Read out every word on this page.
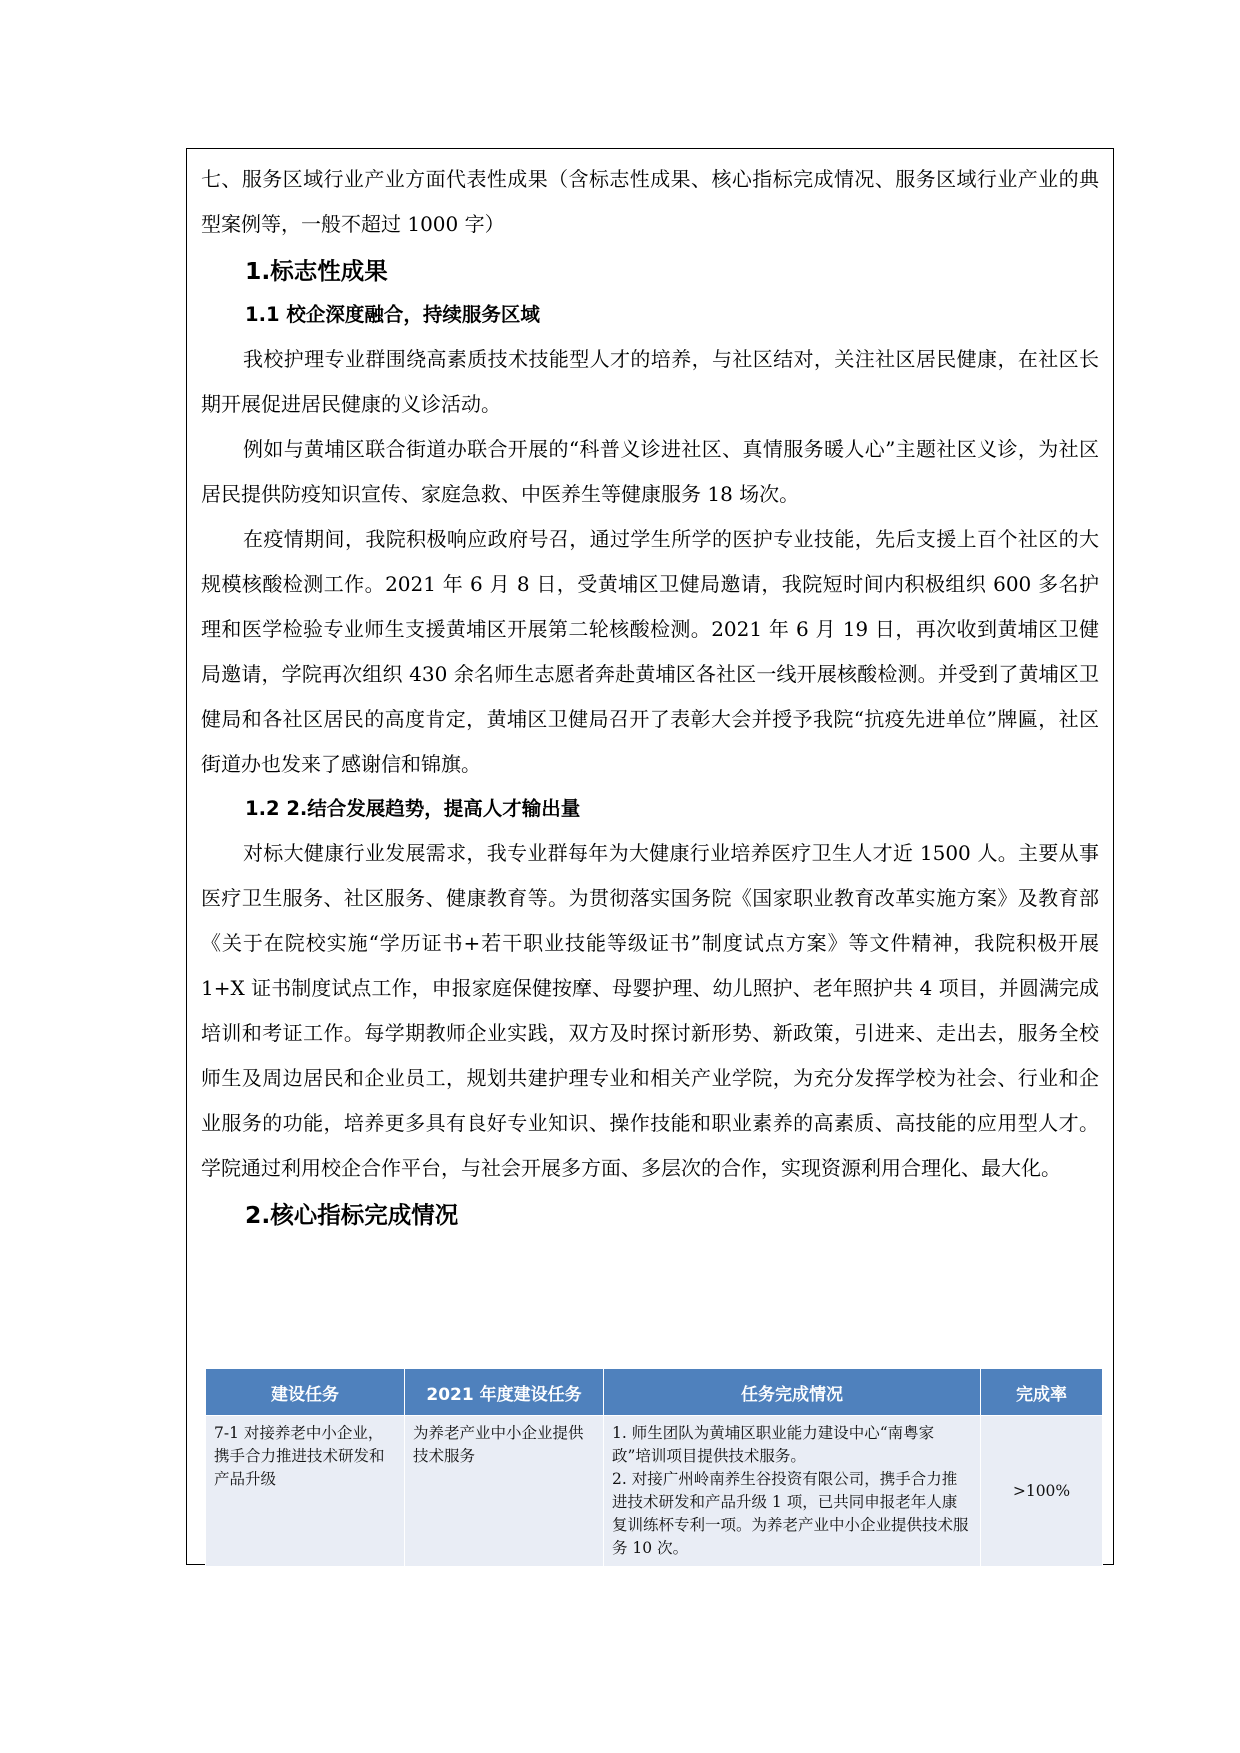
七、服务区域行业产业方面代表性成果（含标志性成果、核心指标完成情况、服务区域行业产业的典型案例等，一般不超过 1000 字）

1.标志性成果
1.1 校企深度融合，持续服务区域

我校护理专业群围绕高素质技术技能型人才的培养，与社区结对，关注社区居民健康，在社区长期开展促进居民健康的义诊活动。

例如与黄埔区联合街道办联合开展的“科普义诊进社区、真情服务暖人心”主题社区义诊，为社区居民提供防疫知识宣传、家庭急救、中医养生等健康服务 18 场次。

在疫情期间，我院积极响应政府号召，通过学生所学的医护专业技能，先后支援上百个社区的大规模核酸检测工作。2021 年 6 月 8 日，受黄埔区卫健局邀请，我院短时间内积极组织 600 多名护理和医学检验专业师生支援黄埔区开展第二轮核酸检测。2021 年 6 月 19 日，再次收到黄埔区卫健局邀请，学院再次组织 430 余名师生志愿者奔赴黄埔区各社区一线开展核酸检测。并受到了黄埔区卫健局和各社区居民的高度肯定，黄埔区卫健局召开了表彰大会并授予我院“抗疫先进单位”牌匾，社区街道办也发来了感谢信和锦旗。

1.2 2.结合发展趋势，提高人才输出量

对标大健康行业发展需求，我专业群每年为大健康行业培养医疗卫生人才近 1500 人。主要从事医疗卫生服务、社区服务、健康教育等。为贯彻落实国务院《国家职业教育改革实施方案》及教育部《关于在院校实施“学历证书+若干职业技能等级证书”制度试点方案》等文件精神，我院积极开展 1+X 证书制度试点工作，申报家庭保健按摩、母婴护理、幼儿照护、老年照护共 4 项目，并圆满完成培训和考证工作。每学期教师企业实践，双方及时探讨新形势、新政策，引进来、走出去，服务全校师生及周边居民和企业员工，规划共建护理专业和相关产业学院，为充分发挥学校为社会、行业和企业服务的功能，培养更多具有良好专业知识、操作技能和职业素养的高素质、高技能的应用型人才。学院通过利用校企合作平台，与社会开展多方面、多层次的合作，实现资源利用合理化、最大化。

2.核心指标完成情况
建设任务	2021 年度建设任务	任务完成情况	完成率
7-1 对接养老中小企业，携手合力推进技术研发和产品升级	为养老产业中小企业提供技术服务	1. 师生团队为黄埔区职业能力建设中心“南粤家政”培训项目提供技术服务。
2. 对接广州岭南养生谷投资有限公司，携手合力推进技术研发和产品升级 1 项，已共同申报老年人康复训练杯专利一项。为养老产业中小企业提供技术服务 10 次。	>100%
